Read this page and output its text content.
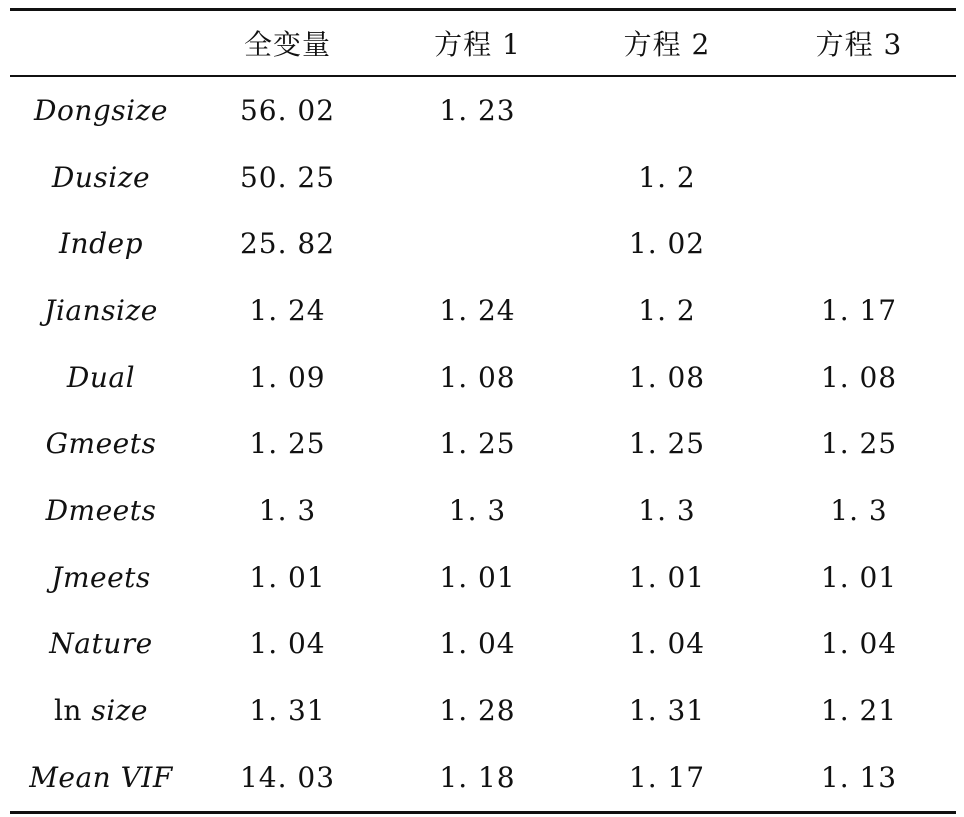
	全变量	方程 1	方程 2	方程 3
Dongsize	56. 02	1. 23		
Dusize	50. 25		1. 2	
Indep	25. 82		1. 02	
Jiansize	1. 24	1. 24	1. 2	1. 17
Dual	1. 09	1. 08	1. 08	1. 08
Gmeets	1. 25	1. 25	1. 25	1. 25
Dmeets	1. 3	1. 3	1. 3	1. 3
Jmeets	1. 01	1. 01	1. 01	1. 01
Nature	1. 04	1. 04	1. 04	1. 04
ln size	1. 31	1. 28	1. 31	1. 21
Mean VIF	14. 03	1. 18	1. 17	1. 13
